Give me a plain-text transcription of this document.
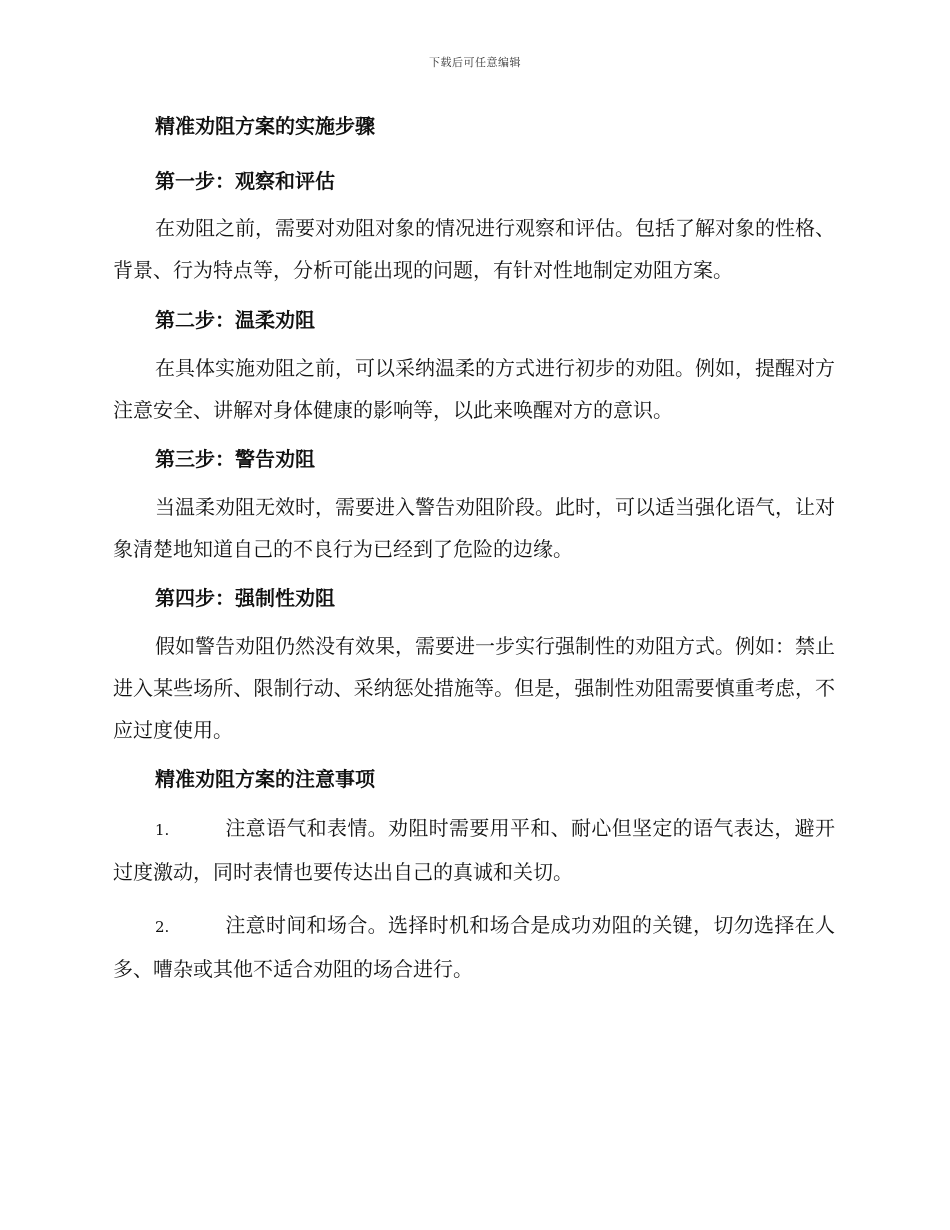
下载后可任意编辑

精准劝阻方案的实施步骤

第一步：观察和评估

在劝阻之前，需要对劝阻对象的情况进行观察和评估。包括了解对象的性格、背景、行为特点等，分析可能出现的问题，有针对性地制定劝阻方案。

第二步：温柔劝阻

在具体实施劝阻之前，可以采纳温柔的方式进行初步的劝阻。例如，提醒对方注意安全、讲解对身体健康的影响等，以此来唤醒对方的意识。

第三步：警告劝阻

当温柔劝阻无效时，需要进入警告劝阻阶段。此时，可以适当强化语气，让对象清楚地知道自己的不良行为已经到了危险的边缘。

第四步：强制性劝阻

假如警告劝阻仍然没有效果，需要进一步实行强制性的劝阻方式。例如：禁止进入某些场所、限制行动、采纳惩处措施等。但是，强制性劝阻需要慎重考虑，不应过度使用。

精准劝阻方案的注意事项

1.	注意语气和表情。劝阻时需要用平和、耐心但坚定的语气表达，避开过度激动，同时表情也要传达出自己的真诚和关切。

2.	注意时间和场合。选择时机和场合是成功劝阻的关键，切勿选择在人多、嘈杂或其他不适合劝阻的场合进行。
